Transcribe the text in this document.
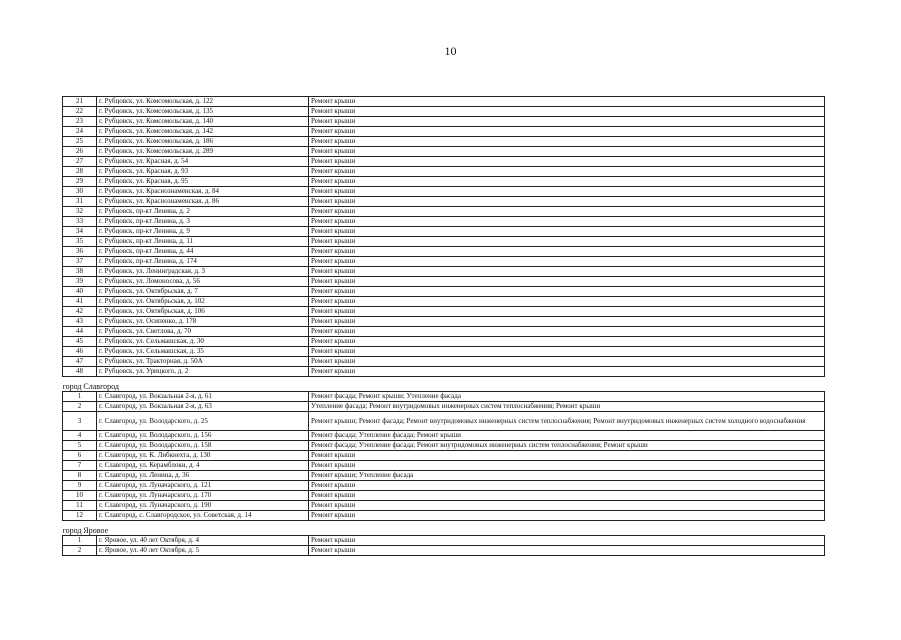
10
21	г. Рубцовск, ул. Комсомольская, д. 122	Ремонт крыши
22	г. Рубцовск, ул. Комсомольская, д. 135	Ремонт крыши
23	г. Рубцовск, ул. Комсомольская, д. 140	Ремонт крыши
24	г. Рубцовск, ул. Комсомольская, д. 142	Ремонт крыши
25	г. Рубцовск, ул. Комсомольская, д. 186	Ремонт крыши
26	г. Рубцовск, ул. Комсомольская, д. 289	Ремонт крыши
27	г. Рубцовск, ул. Красная, д. 54	Ремонт крыши
28	г. Рубцовск, ул. Красная, д. 93	Ремонт крыши
29	г. Рубцовск, ул. Красная, д. 95	Ремонт крыши
30	г. Рубцовск, ул. Краснознаменская, д. 84	Ремонт крыши
31	г. Рубцовск, ул. Краснознаменская, д. 86	Ремонт крыши
32	г. Рубцовск, пр-кт Ленина, д. 2	Ремонт крыши
33	г. Рубцовск, пр-кт Ленина, д. 3	Ремонт крыши
34	г. Рубцовск, пр-кт Ленина, д. 9	Ремонт крыши
35	г. Рубцовск, пр-кт Ленина, д. 11	Ремонт крыши
36	г. Рубцовск, пр-кт Ленина, д. 44	Ремонт крыши
37	г. Рубцовск, пр-кт Ленина, д. 174	Ремонт крыши
38	г. Рубцовск, ул. Ленинградская, д. 3	Ремонт крыши
39	г. Рубцовск, ул. Ломоносова, д. 56	Ремонт крыши
40	г. Рубцовск, ул. Октябрьская, д. 7	Ремонт крыши
41	г. Рубцовск, ул. Октябрьская, д. 102	Ремонт крыши
42	г. Рубцовск, ул. Октябрьская, д. 106	Ремонт крыши
43	г. Рубцовск, ул. Осипенко, д. 178	Ремонт крыши
44	г. Рубцовск, ул. Светлова, д. 70	Ремонт крыши
45	г. Рубцовск, ул. Сельмашская, д. 30	Ремонт крыши
46	г. Рубцовск, ул. Сельмашская, д. 35	Ремонт крыши
47	г. Рубцовск, ул. Тракторная, д. 50А	Ремонт крыши
48	г. Рубцовск, ул. Урицкого, д. 2	Ремонт крыши

город Славгород		

1	г. Славгород, ул. Вокзальная 2-я, д. 61	Ремонт фасада; Ремонт крыши; Утепление фасада
2	г. Славгород, ул. Вокзальная 2-я, д. 63	Утепление фасада; Ремонт внутридомовых инженерных систем теплоснабжения; Ремонт крыши
3	г. Славгород, ул. Володарского, д. 25	Ремонт крыши; Ремонт фасада; Ремонт внутридомовых инженерных систем теплоснабжения; Ремонт внутридомовых инженерных систем холодного водоснабжения
4	г. Славгород, ул. Володарского, д. 156	Ремонт фасада; Утепление фасада; Ремонт крыши
5	г. Славгород, ул. Володарского, д. 158	Ремонт фасада; Утепление фасада; Ремонт внутридомовых инженерных систем теплоснабжения; Ремонт крыши
6	г. Славгород, ул. К. Либкнехта, д. 130	Ремонт крыши
7	г. Славгород, ул. Керамблоки, д. 4	Ремонт крыши
8	г. Славгород, ул. Ленина, д. 36	Ремонт крыши; Утепление фасада
9	г. Славгород, ул. Луначарского, д. 121	Ремонт крыши
10	г. Славгород, ул. Луначарского, д. 170	Ремонт крыши
11	г. Славгород, ул. Луначарского, д. 190	Ремонт крыши
12	г. Славгород, с. Славгородское, ул. Советская, д. 14	Ремонт крыши

город Яровое		

1	г. Яровое, ул. 40 лет Октября, д. 4	Ремонт крыши
2	г. Яровое, ул. 40 лет Октября, д. 5	Ремонт крыши
